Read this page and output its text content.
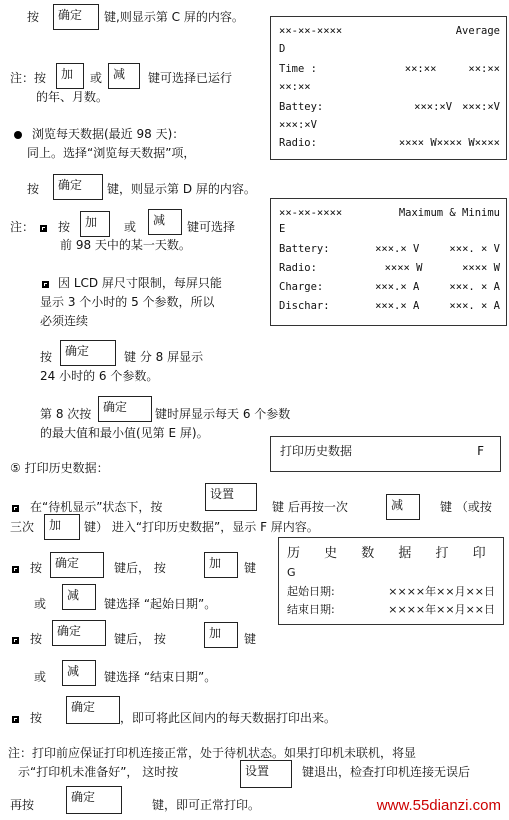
按	确定	键,则显示第 C 屏的内容。
注：按	加	或 减	键可选择已运行
的年、月数。
浏览每天数据(最近 98 天)：
同上。选择“浏览每天数据”项，
按	确定	键，则显示第 D 屏的内容。
注： 按	加	或	减	键可选择
前 98 天中的某一天数。
因 LCD 屏尺寸限制，每屏只能
显示 3 个小时的 5 个参数，所以
必须连续
按	确定	键 分 8 屏显示
24 小时的 6 个参数。
第 8 次按 确定	键时屏显示每天 6 个参数
的最大值和最小值(见第 E 屏)。
⑤ 打印历史数据：
在“待机显示”状态下，按
设置
键 后再按一次	减	键 （或按
三次	加	键） 进入“打印历史数据”，显示 F 屏内容。
按	确定	键后， 按	加	键
或
减
键选择 “起始日期”。
按
确定
键后， 按	加	键
或	减	键选择 “结束日期”。
按
确定
，即可将此区间内的每天数据打印出来。
注：打印前应保证打印机连接正常，处于待机状态。如果打印机未联机，将显
示“打印机未准备好”， 这时按	设置	键退出，检查打印机连接无误后
再按
确定
键，即可正常打印。
××-××-××××	Average
D
Time :	××:××	××:××
××:××
Battey:	×××:×V ×××:×V
×××:×V
Radio:	×××× W ×××× W ××××
××-××-××××	Maximum & Minimu
E
Battery:	×××.× V	×××. × V
Radio:	×××× W	×××× W
Charge:	×××.× A	×××. × A
Dischar:	×××.× A	×××. × A
打印历史数据	F
历 史 数 据 打 印
G
起始日期:	××××年××月××日
结束日期:	××××年××月××日
www.55dianzi.com
